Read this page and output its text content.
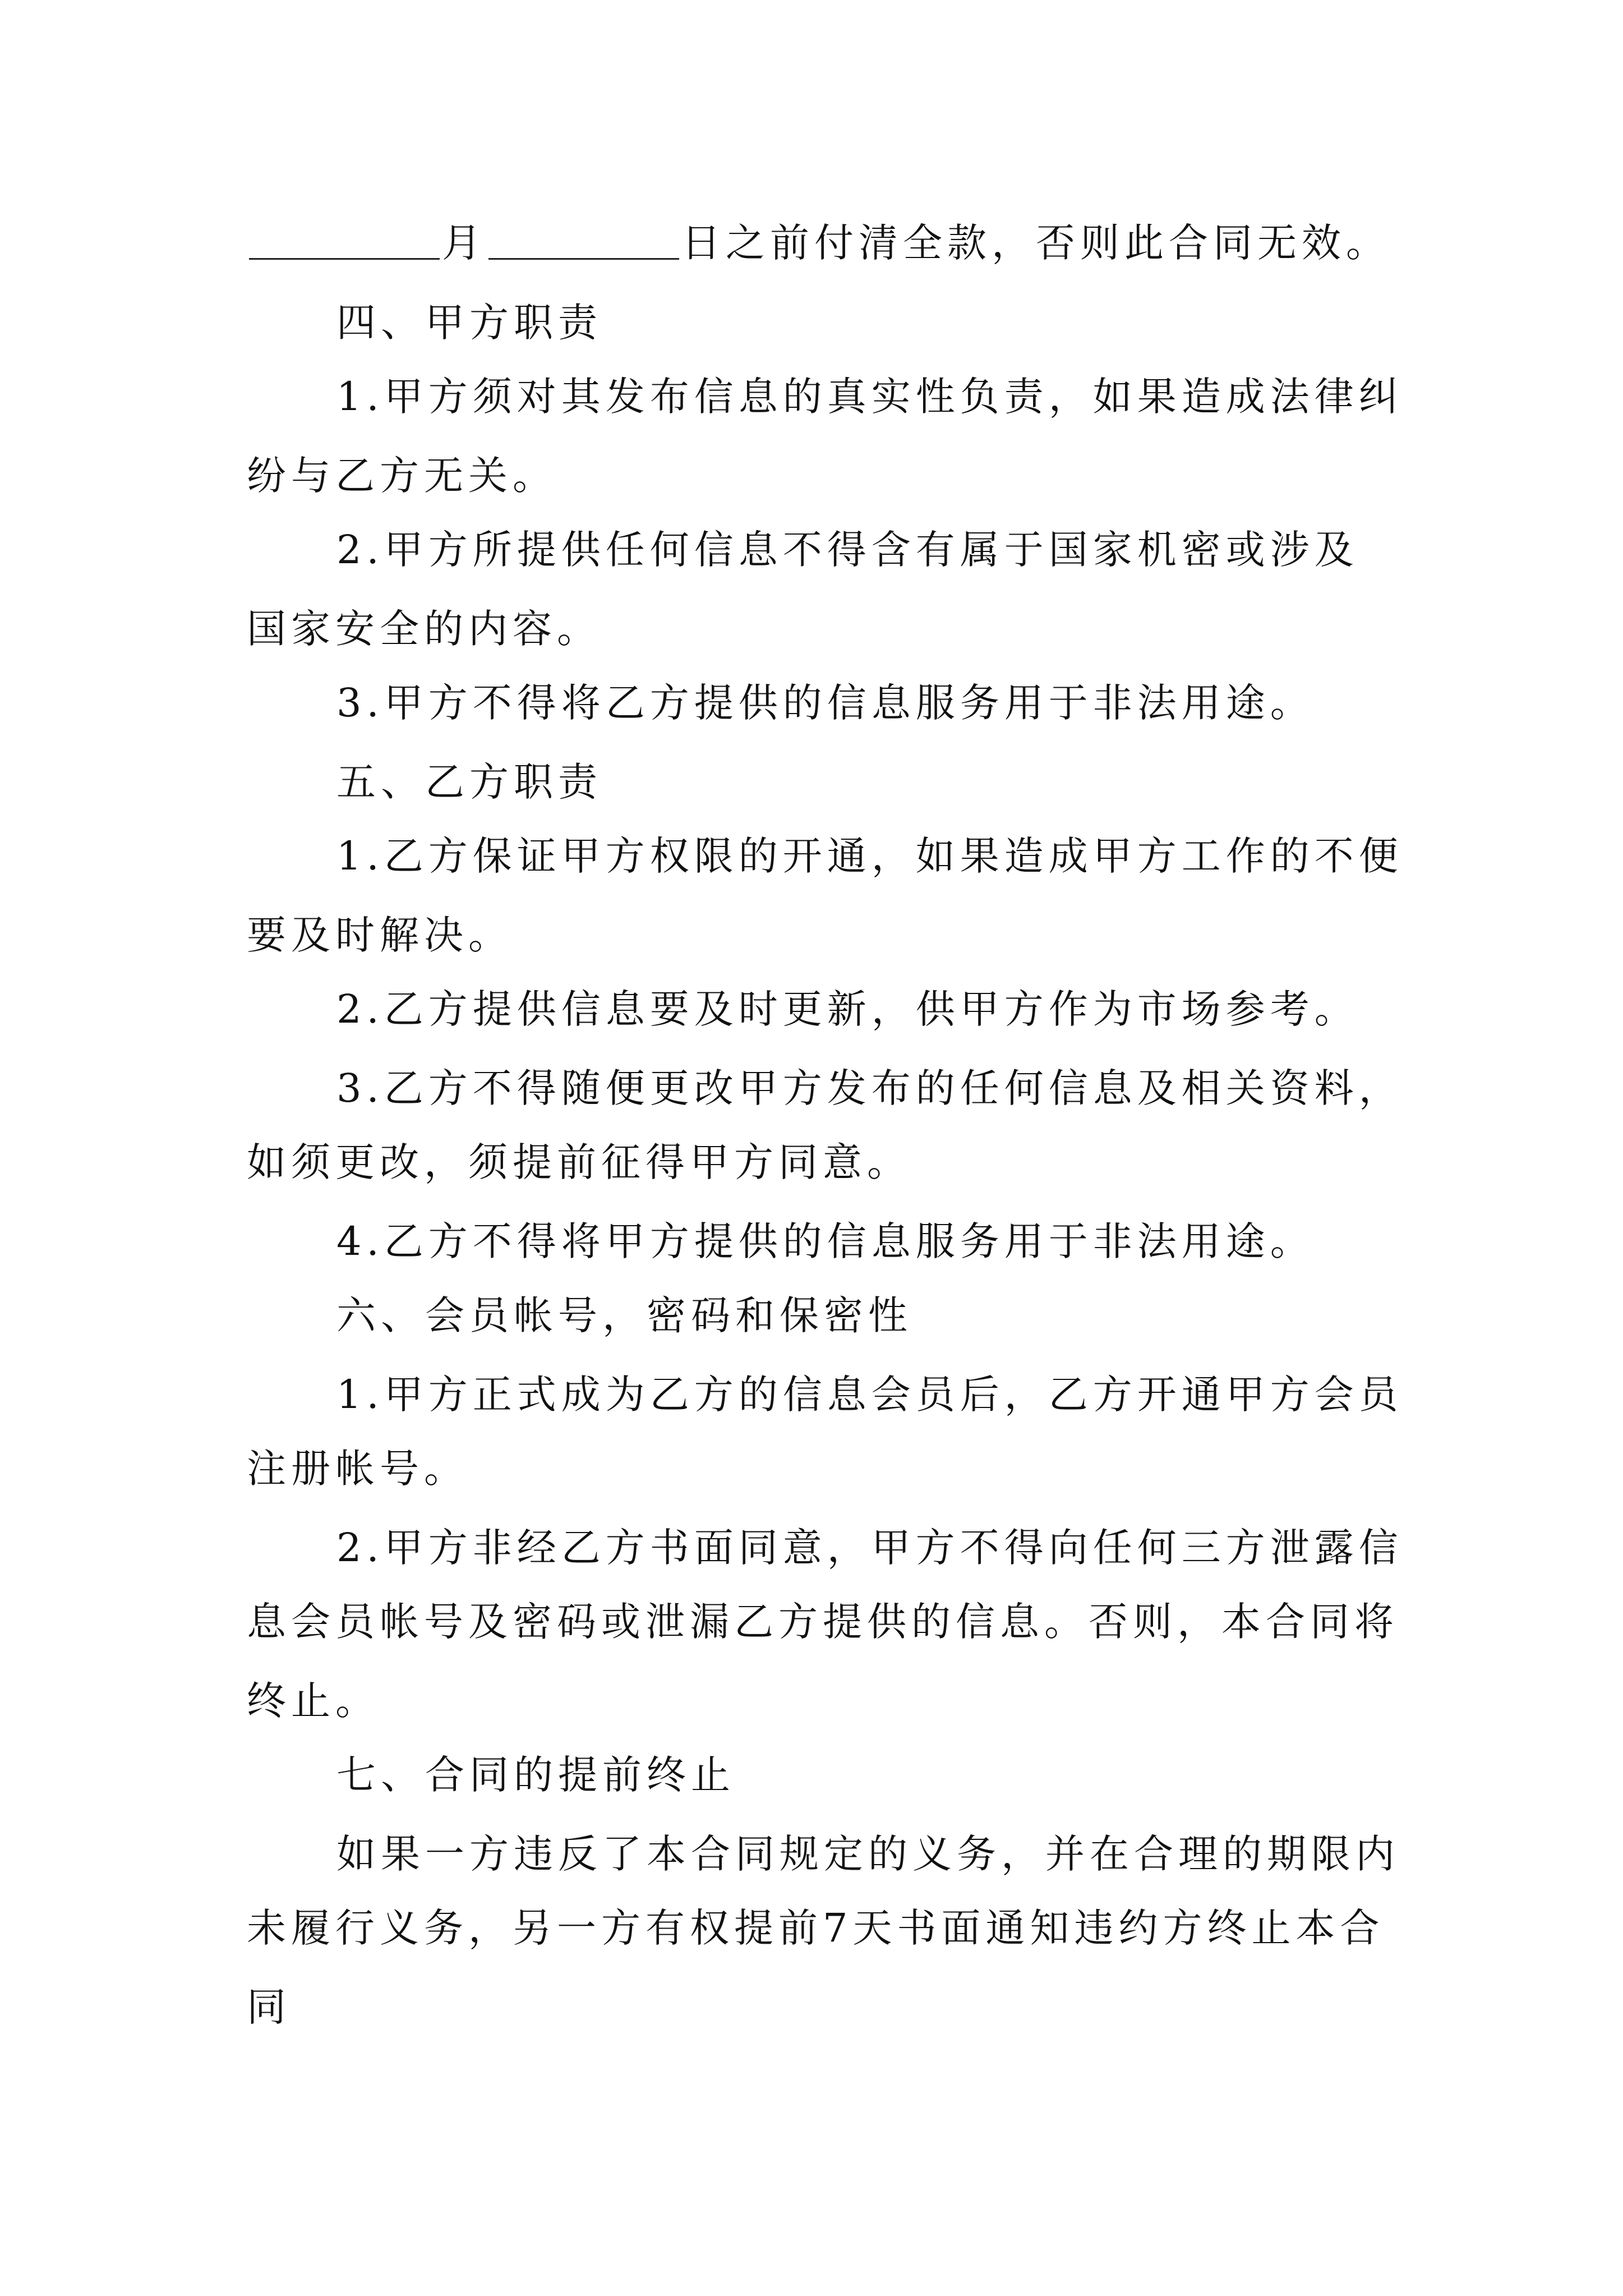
月	日之前付清全款，否则此合同无效。
四、甲方职责
1.甲方须对其发布信息的真实性负责，如果造成法律纠
纷与乙方无关。
2.甲方所提供任何信息不得含有属于国家机密或涉及
国家安全的内容。
3.甲方不得将乙方提供的信息服务用于非法用途。
五、乙方职责
1.乙方保证甲方权限的开通，如果造成甲方工作的不便
要及时解决。
2.乙方提供信息要及时更新，供甲方作为市场参考。
3.乙方不得随便更改甲方发布的任何信息及相关资料，
如须更改，须提前征得甲方同意。
4.乙方不得将甲方提供的信息服务用于非法用途。
六、会员帐号，密码和保密性
1.甲方正式成为乙方的信息会员后，乙方开通甲方会员
注册帐号。
2.甲方非经乙方书面同意，甲方不得向任何三方泄露信
息会员帐号及密码或泄漏乙方提供的信息。否则，本合同将
终止。
七、合同的提前终止
如果一方违反了本合同规定的义务，并在合理的期限内
未履行义务，另一方有权提前7天书面通知违约方终止本合
同
